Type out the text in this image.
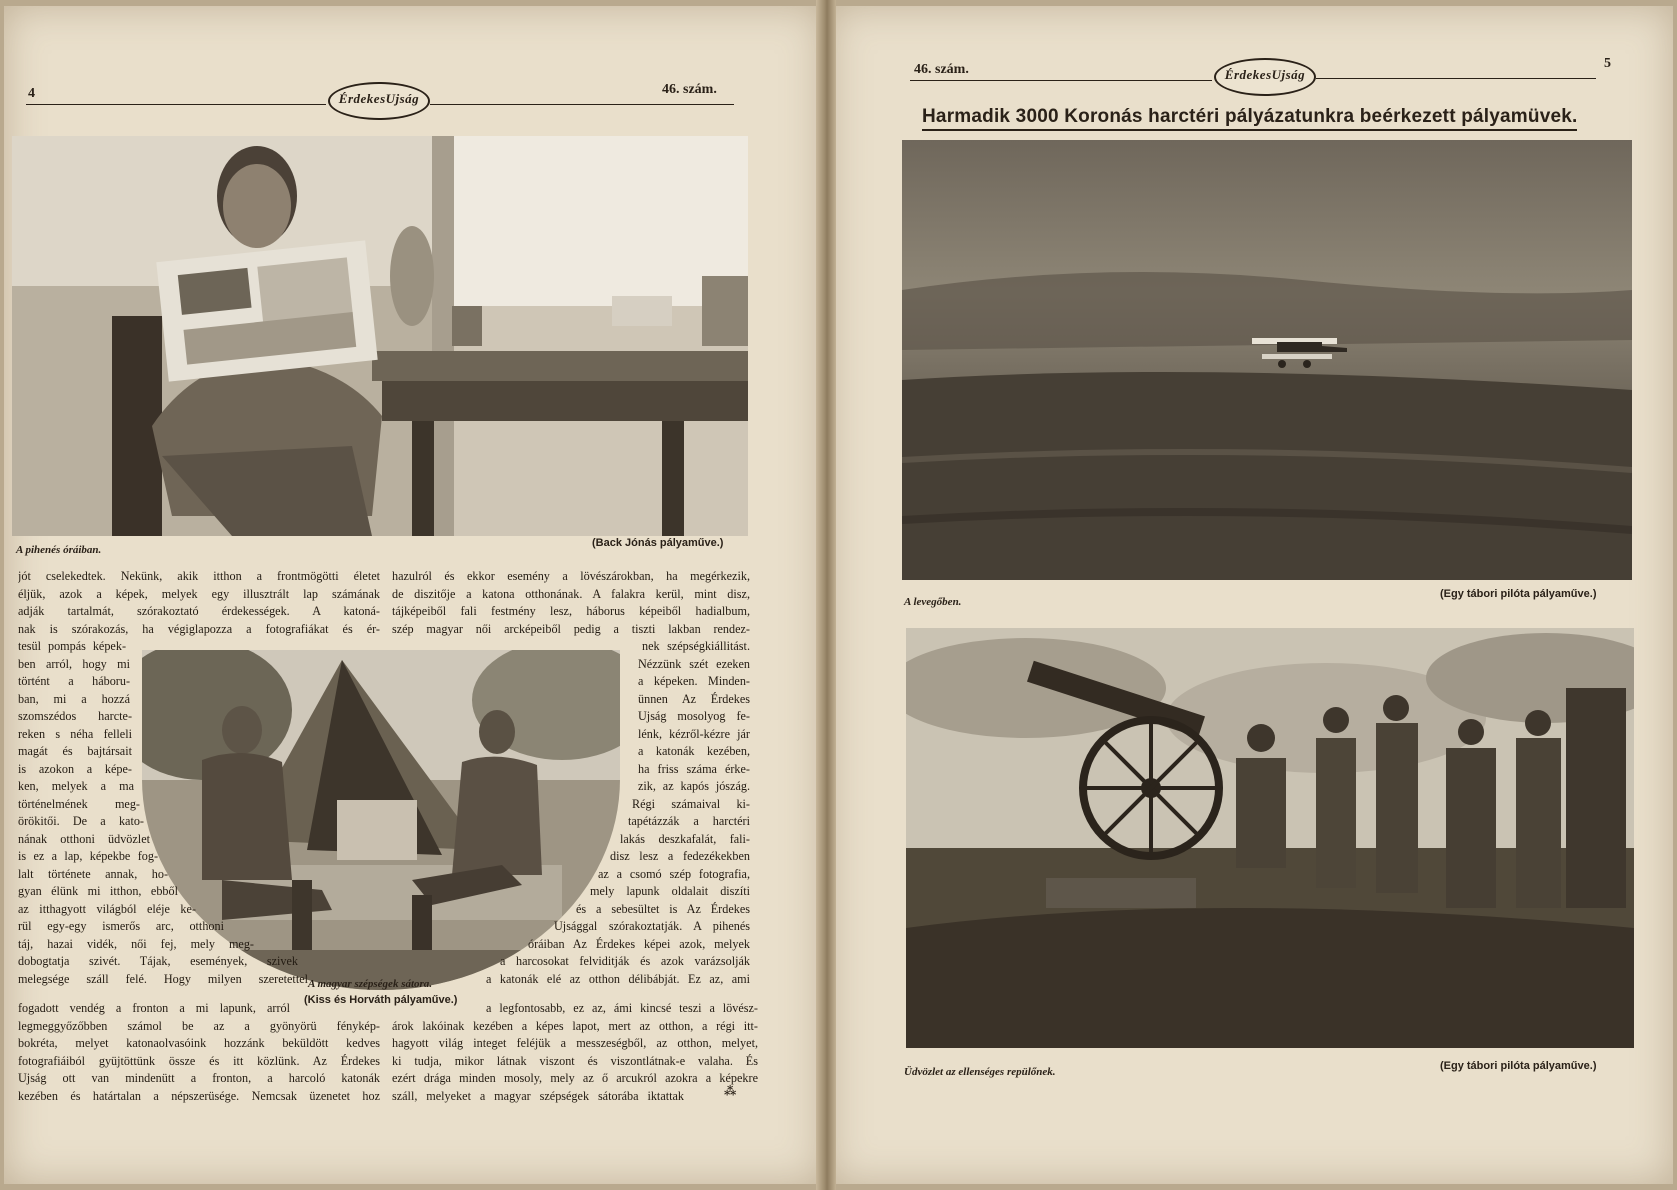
4	ÉrdekesUjság
46. szám.
A pihenés óráiban.
(Back Jónás pályaműve.)
jót cselekedtek. Nekünk, akik itthon a frontmögötti életet
éljük, azok a képek, melyek egy illusztrált lap számának
adják tartalmát, szórakoztató érdekességek. A katoná-
nak is szórakozás, ha végiglapozza a fotografiákat és ér-
hazulról és ekkor esemény a lövészárokban, ha megérkezik,
de diszitője a katona otthonának. A falakra kerül, mint disz,
tájképeiből fali festmény lesz, háborus képeiből hadialbum,
szép magyar női arcképeiből pedig a tiszti lakban rendez-
tesül pompás képek-
ben arról, hogy mi
történt a háboru-
ban, mi a hozzá
szomszédos harcte-
reken s néha felleli
magát és bajtársait
is azokon a képe-
ken, melyek a ma
történelmének meg-
örökitői. De a kato-
nának otthoni üdvözlet
is ez a lap, képekbe fog-
lalt története annak, ho-
gyan élünk mi itthon, ebből
az itthagyott világból eléje ke-
rül egy-egy ismerős arc, otthoni
táj, hazai vidék, női fej, mely meg-
dobogtatja szivét. Tájak, események, szivek
melegsége száll felé. Hogy milyen szeretettel
nek szépségkiállitást.
Nézzünk szét ezeken
a képeken. Minden-
ünnen Az Érdekes
Ujság mosolyog fe-
lénk, kézről-kézre jár
a katonák kezében,
ha friss száma érke-
zik, az kapós jószág.
Régi számaival ki-
tapétázzák a harctéri
lakás deszkafalát, fali-
disz lesz a fedezékekben
az a csomó szép fotografia,
mely lapunk oldalait diszíti
és a sebesültet is Az Érdekes
Ujsággal szórakoztatják. A pihenés
óráiban Az Érdekes képei azok, melyek
a harcosokat felviditják és azok varázsolják
a katonák elé az otthon délibábját. Ez az, ami
A magyar szépségek sátora.
(Kiss és Horváth pályaműve.)
fogadott vendég a fronton a mi lapunk, arról
legmeggyőzőbben számol be az a gyönyörü fénykép-
bokréta, melyet katonaolvasóink hozzánk beküldött kedves
fotografiáiból gyüjtöttünk össze és itt közlünk. Az Érdekes
Ujság ott van mindenütt a fronton, a harcoló katonák
kezében és határtalan a népszerüsége. Nemcsak üzenetet hoz
a legfontosabb, ez az, ámi kincsé teszi a lövész-
árok lakóinak kezében a képes lapot, mert az otthon, a régi itt-
hagyott világ integet feléjük a messzeségből, az otthon, melyet,
ki tudja, mikor látnak viszont és viszontlátnak-e valaha. És
ezért drága minden mosoly, mely az ő arcukról azokra a képekre
száll, melyeket a magyar szépségek sátorába iktattak	⁂
46. szám.	ÉrdekesUjság
5
Harmadik 3000 Koronás harctéri pályázatunkra beérkezett pályamüvek.
A levegőben.
(Egy tábori pilóta pályaműve.)
Üdvözlet az ellenséges repülőnek.	(Egy tábori pilóta pályaműve.)
